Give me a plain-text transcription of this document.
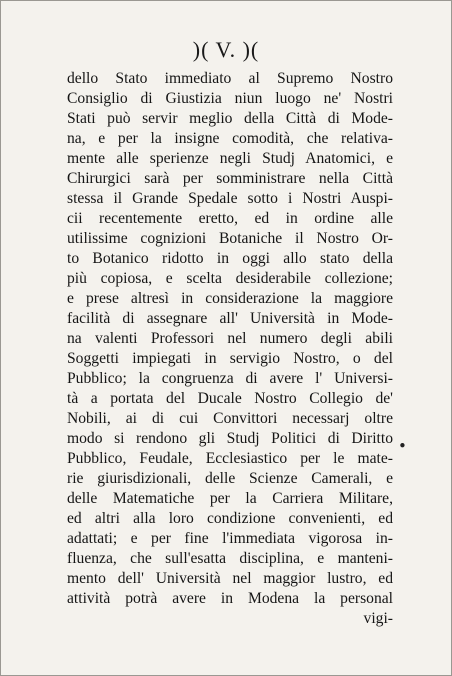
)( V. )(
dello Stato immediato al Supremo Nostro
Consiglio di Giustizia niun luogo ne' Nostri
Stati può servir meglio della Città di Mode-
na, e per la insigne comodità, che relativa-
mente alle sperienze negli Studj Anatomici, e
Chirurgici sarà per somministrare nella Città
stessa il Grande Spedale sotto i Nostri Auspi-
cii recentemente eretto, ed in ordine alle
utilissime cognizioni Botaniche il Nostro Or-
to Botanico ridotto in oggi allo stato della
più copiosa, e scelta desiderabile collezione;
e prese altresì in considerazione la maggiore
facilità di assegnare all' Università in Mode-
na valenti Professori nel numero degli abili
Soggetti impiegati in servigio Nostro, o del
Pubblico; la congruenza di avere l' Universi-
tà a portata del Ducale Nostro Collegio de'
Nobili, ai di cui Convittori necessarj oltre
modo si rendono gli Studj Politici di Diritto
Pubblico, Feudale, Ecclesiastico per le mate-
rie giurisdizionali, delle Scienze Camerali, e
delle Matematiche per la Carriera Militare,
ed altri alla loro condizione convenienti, ed
adattati; e per fine l'immediata vigorosa in-
fluenza, che sull'esatta disciplina, e manteni-
mento dell' Università nel maggior lustro, ed
attività potrà avere in Modena la personal
vigi-
•
